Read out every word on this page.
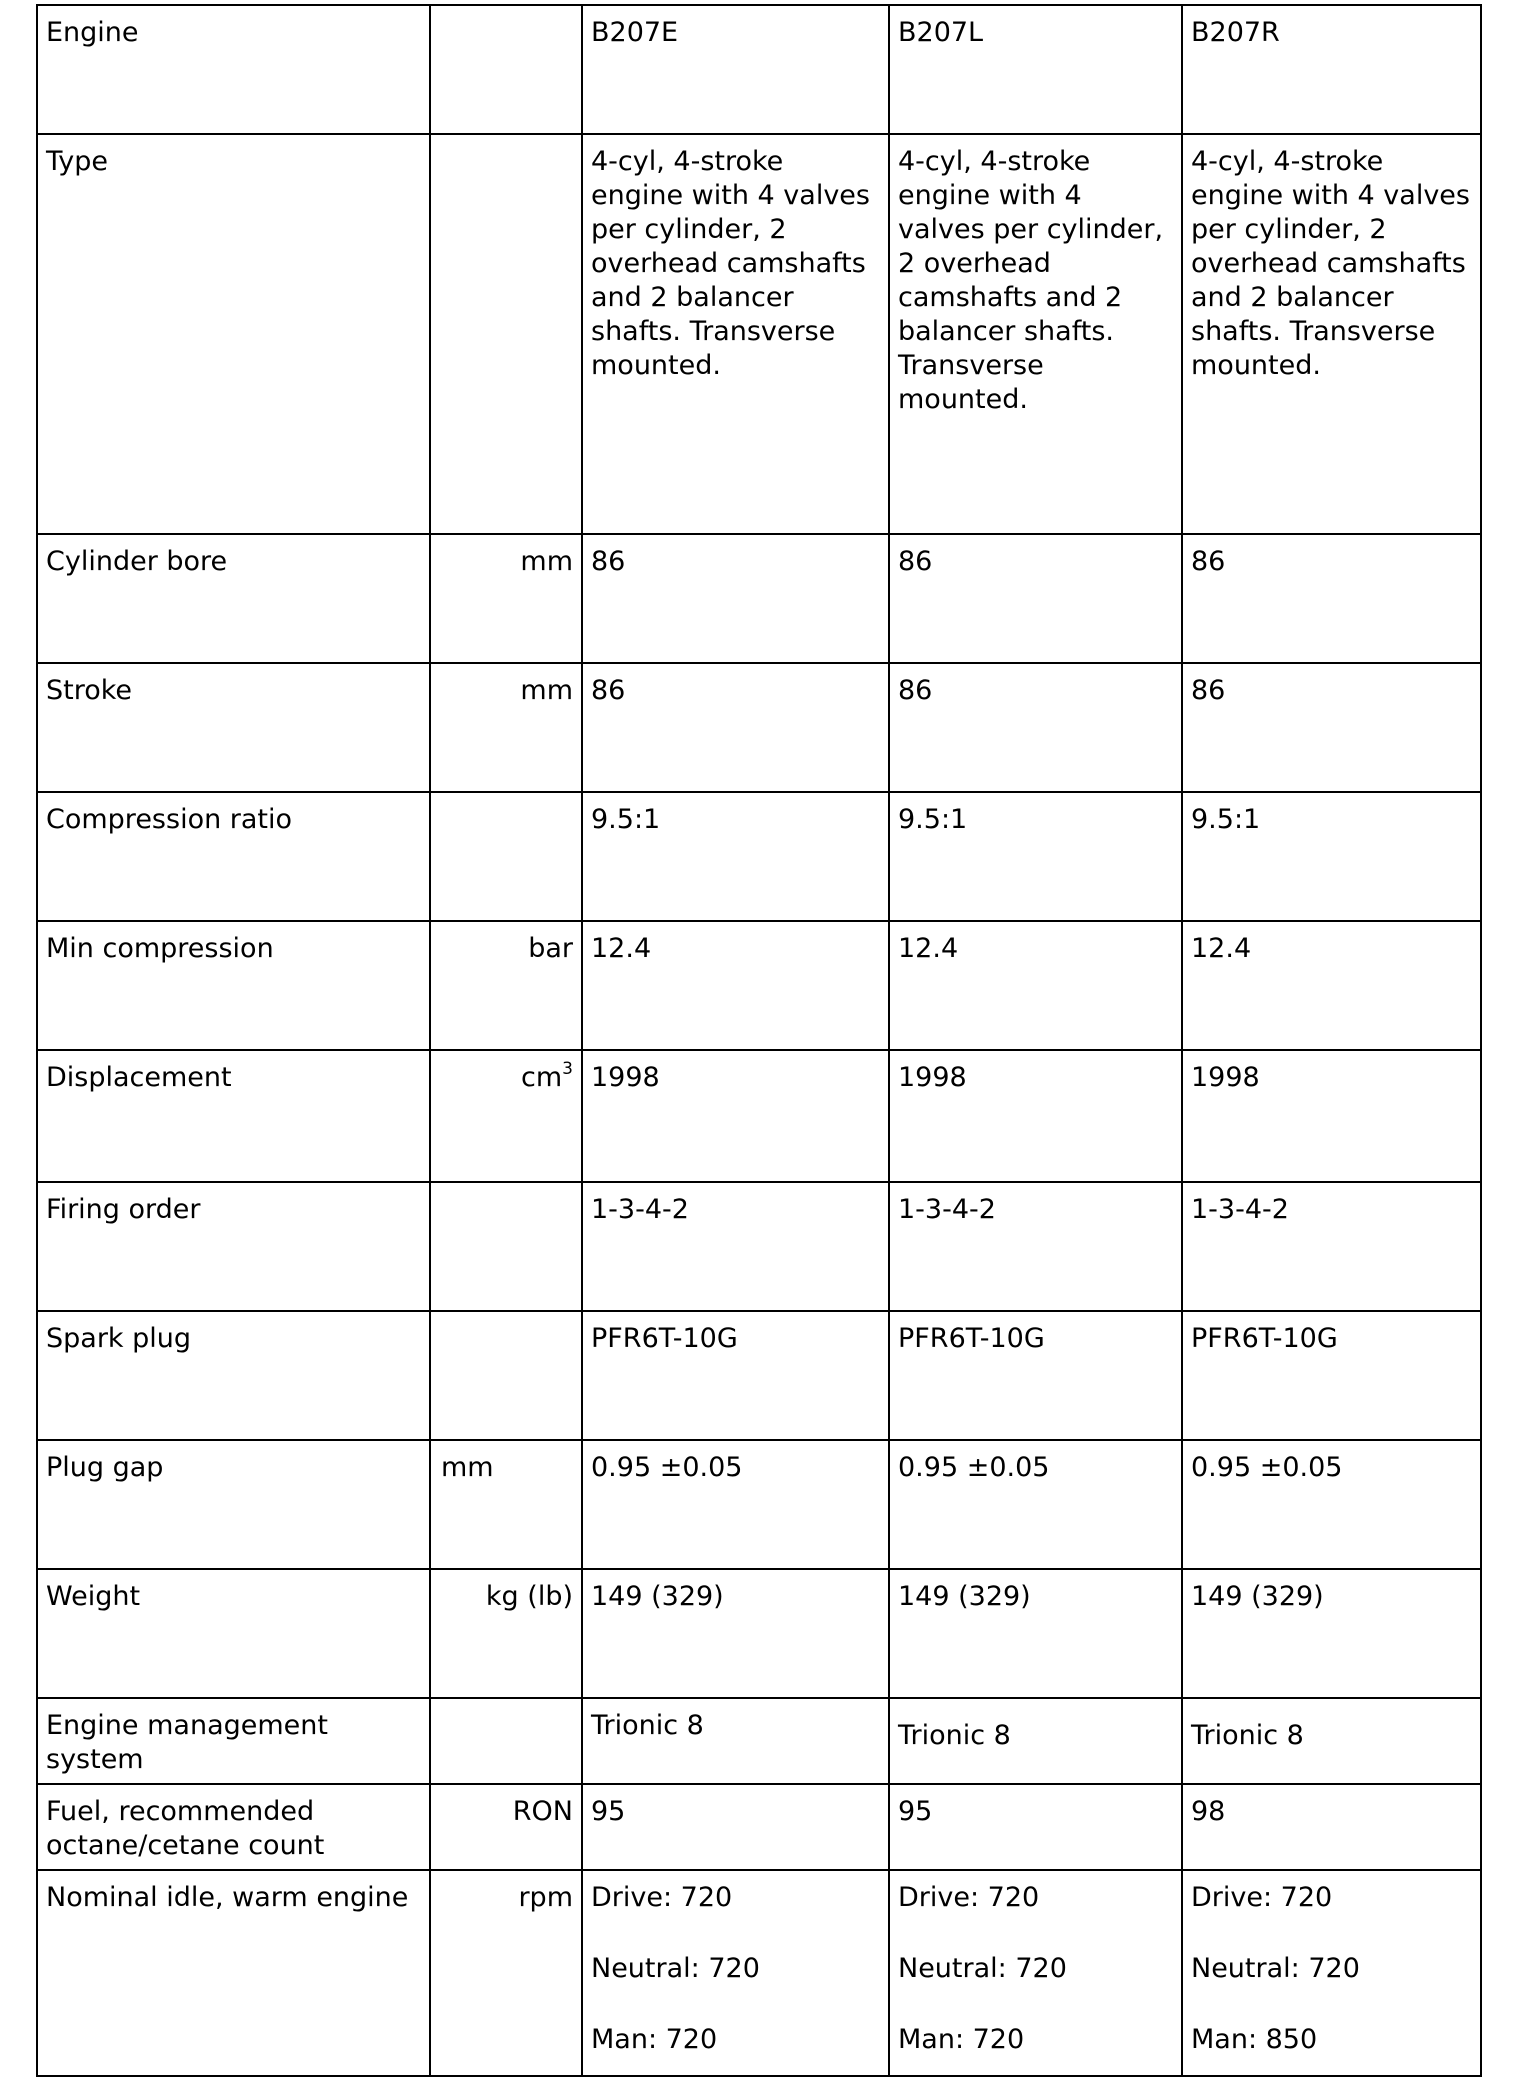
Engine		B207E	B207L	B207R
Type		4-cyl, 4-stroke engine with 4 valves per cylinder, 2 overhead camshafts and 2 balancer shafts. Transverse mounted.	4-cyl, 4-stroke engine with 4 valves per cylinder, 2 overhead camshafts and 2 balancer shafts. Transverse mounted.	4-cyl, 4-stroke engine with 4 valves per cylinder, 2 overhead camshafts and 2 balancer shafts. Transverse mounted.
Cylinder bore	mm	86	86	86
Stroke	mm	86	86	86
Compression ratio		9.5:1	9.5:1	9.5:1
Min compression	bar	12.4	12.4	12.4
Displacement	$cm^3$	1998	1998	1998
Firing order		1-3-4-2	1-3-4-2	1-3-4-2
Spark plug		PFR6T-10G	PFR6T-10G	PFR6T-10G
Plug gap	mm	0.95 ±0.05	0.95 ±0.05	0.95 ±0.05
Weight	kg (lb)	149 (329)	149 (329)	149 (329)
Engine management system		Trionic 8	Trionic 8	Trionic 8

Fuel, recommended octane/cetane count	RON	95	95	98
Nominal idle, warm engine	rpm	Drive: 720
Neutral: 720
Man: 720	Drive: 720
Neutral: 720
Man: 720	Drive: 720
Neutral: 720
Man: 850
